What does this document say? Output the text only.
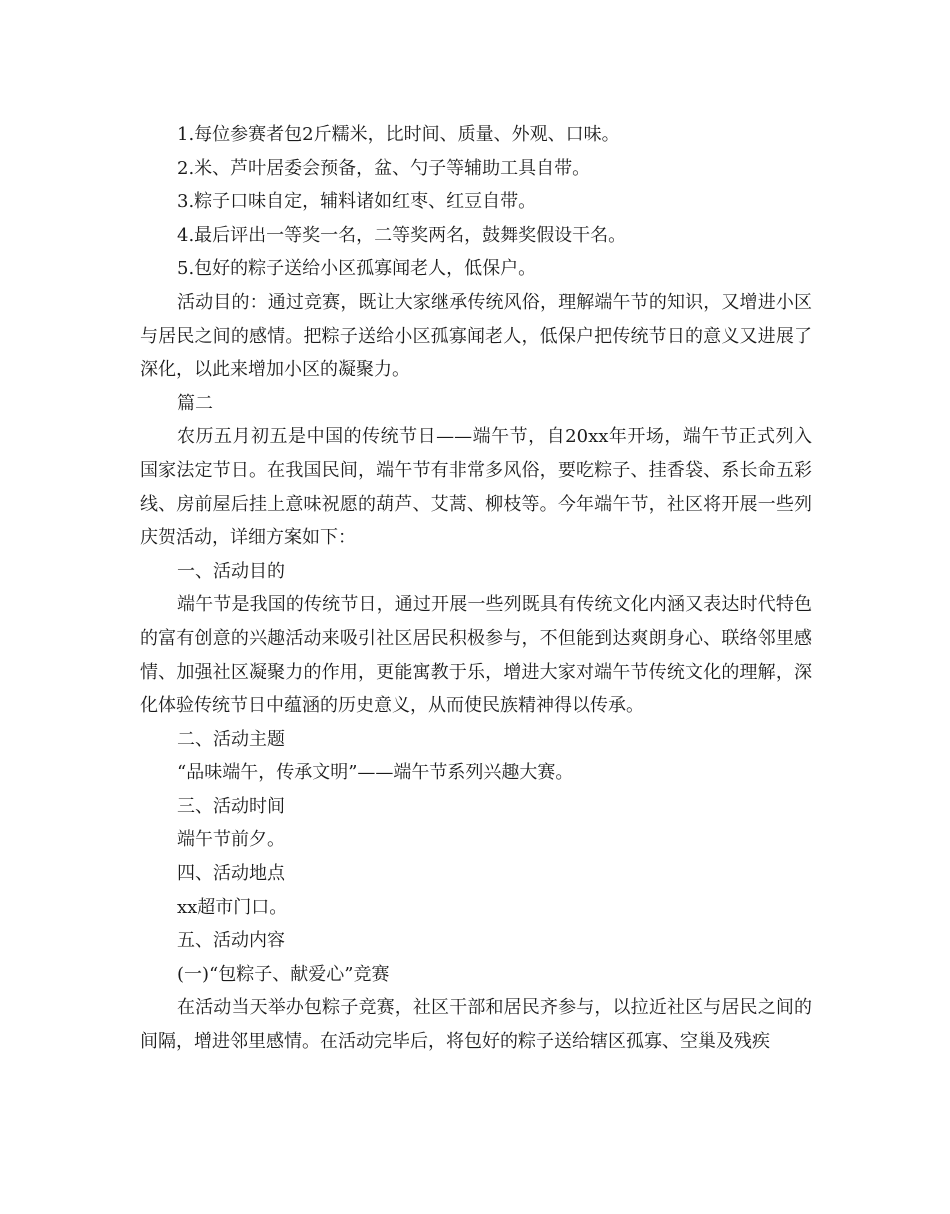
1.每位参赛者包2斤糯米，比时间、质量、外观、口味。

2.米、芦叶居委会预备，盆、勺子等辅助工具自带。

3.粽子口味自定，辅料诸如红枣、红豆自带。

4.最后评出一等奖一名，二等奖两名，鼓舞奖假设干名。

5.包好的粽子送给小区孤寡闻老人，低保户。

活动目的：通过竞赛，既让大家继承传统风俗，理解端午节的知识，又增进小区与居民之间的感情。把粽子送给小区孤寡闻老人，低保户把传统节日的意义又进展了深化，以此来增加小区的凝聚力。

篇二

农历五月初五是中国的传统节日——端午节，自20xx年开场，端午节正式列入国家法定节日。在我国民间，端午节有非常多风俗，要吃粽子、挂香袋、系长命五彩线、房前屋后挂上意味祝愿的葫芦、艾蒿、柳枝等。今年端午节，社区将开展一些列庆贺活动，详细方案如下：

一、活动目的

端午节是我国的传统节日，通过开展一些列既具有传统文化内涵又表达时代特色的富有创意的兴趣活动来吸引社区居民积极参与，不但能到达爽朗身心、联络邻里感情、加强社区凝聚力的作用，更能寓教于乐，增进大家对端午节传统文化的理解，深化体验传统节日中蕴涵的历史意义，从而使民族精神得以传承。

二、活动主题

“品味端午，传承文明”——端午节系列兴趣大赛。

三、活动时间

端午节前夕。

四、活动地点

xx超市门口。

五、活动内容

(一)“包粽子、献爱心”竞赛

在活动当天举办包粽子竞赛，社区干部和居民齐参与，以拉近社区与居民之间的间隔，增进邻里感情。在活动完毕后，将包好的粽子送给辖区孤寡、空巢及残疾
